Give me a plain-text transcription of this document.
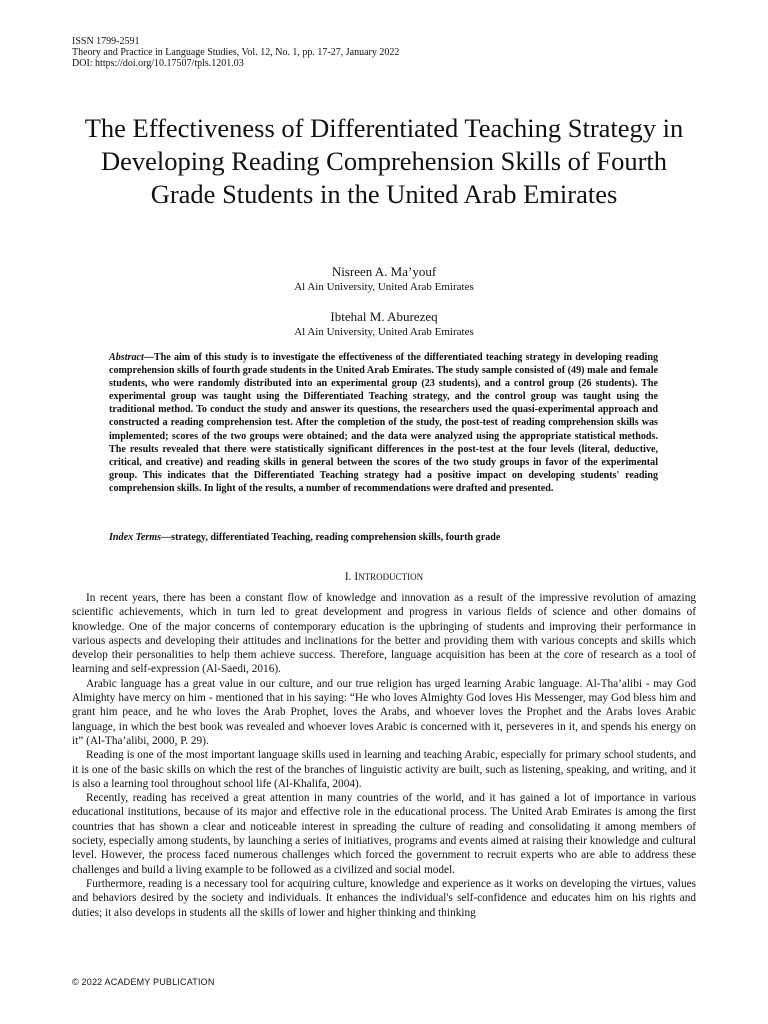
ISSN 1799-2591
Theory and Practice in Language Studies, Vol. 12, No. 1, pp. 17-27, January 2022
DOI: https://doi.org/10.17507/tpls.1201.03
The Effectiveness of Differentiated Teaching Strategy in Developing Reading Comprehension Skills of Fourth Grade Students in the United Arab Emirates
Nisreen A. Ma’youf
Al Ain University, United Arab Emirates
Ibtehal M. Aburezeq
Al Ain University, United Arab Emirates
Abstract—The aim of this study is to investigate the effectiveness of the differentiated teaching strategy in developing reading comprehension skills of fourth grade students in the United Arab Emirates. The study sample consisted of (49) male and female students, who were randomly distributed into an experimental group (23 students), and a control group (26 students). The experimental group was taught using the Differentiated Teaching strategy, and the control group was taught using the traditional method. To conduct the study and answer its questions, the researchers used the quasi-experimental approach and constructed a reading comprehension test. After the completion of the study, the post-test of reading comprehension skills was implemented; scores of the two groups were obtained; and the data were analyzed using the appropriate statistical methods. The results revealed that there were statistically significant differences in the post-test at the four levels (literal, deductive, critical, and creative) and reading skills in general between the scores of the two study groups in favor of the experimental group. This indicates that the Differentiated Teaching strategy had a positive impact on developing students' reading comprehension skills. In light of the results, a number of recommendations were drafted and presented.
Index Terms—strategy, differentiated Teaching, reading comprehension skills, fourth grade
I. INTRODUCTION

In recent years, there has been a constant flow of knowledge and innovation as a result of the impressive revolution of amazing scientific achievements, which in turn led to great development and progress in various fields of science and other domains of knowledge. One of the major concerns of contemporary education is the upbringing of students and improving their performance in various aspects and developing their attitudes and inclinations for the better and providing them with various concepts and skills which develop their personalities to help them achieve success. Therefore, language acquisition has been at the core of research as a tool of learning and self-expression (Al-Saedi, 2016).

Arabic language has a great value in our culture, and our true religion has urged learning Arabic language. Al-Tha’alibi - may God Almighty have mercy on him - mentioned that in his saying: “He who loves Almighty God loves His Messenger, may God bless him and grant him peace, and he who loves the Arab Prophet, loves the Arabs, and whoever loves the Prophet and the Arabs loves Arabic language, in which the best book was revealed and whoever loves Arabic is concerned with it, perseveres in it, and spends his energy on it” (Al-Tha’alibi, 2000, P. 29).

Reading is one of the most important language skills used in learning and teaching Arabic, especially for primary school students, and it is one of the basic skills on which the rest of the branches of linguistic activity are built, such as listening, speaking, and writing, and it is also a learning tool throughout school life (Al-Khalifa, 2004).

Recently, reading has received a great attention in many countries of the world, and it has gained a lot of importance in various educational institutions, because of its major and effective role in the educational process. The United Arab Emirates is among the first countries that has shown a clear and noticeable interest in spreading the culture of reading and consolidating it among members of society, especially among students, by launching a series of initiatives, programs and events aimed at raising their knowledge and cultural level. However, the process faced numerous challenges which forced the government to recruit experts who are able to address these challenges and build a living example to be followed as a civilized and social model.

Furthermore, reading is a necessary tool for acquiring culture, knowledge and experience as it works on developing the virtues, values and behaviors desired by the society and individuals. It enhances the individual's self-confidence and educates him on his rights and duties; it also develops in students all the skills of lower and higher thinking and thinking

© 2022 ACADEMY PUBLICATION
